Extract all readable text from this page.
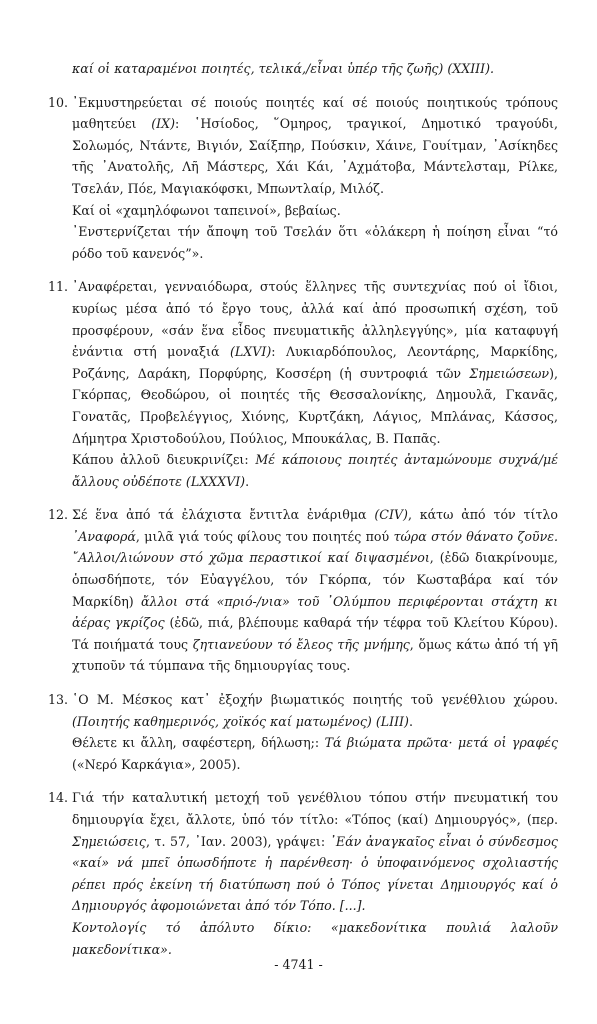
καί οἱ καταραμένοι ποιητές, τελικά,/εἶναι ὑπέρ τῆς ζωῆς) (XXIII).

10. ᾿Εκμυστηρεύεται σέ ποιούς ποιητές καί σέ ποιούς ποιητικούς τρόπους μαθητεύει (IX): ῾Ησίοδος, ῞Ομηρος, τραγικοί, Δημοτικό τραγούδι, Σολωμός, Ντάντε, Βιγιόν, Σαίξπηρ, Πούσκιν, Χάινε, Γουίτμαν, ᾿Ασίκηδες τῆς ᾿Ανατολῆς, Λῆ Μάστερς, Χάι Κάι, ᾿Αχμάτοβα, Μάντελσταμ, Ρίλκε, Τσελάν, Πόε, Μαγιακόφσκι, Μπωντλαίρ, Μιλόζ.

Καί οἱ «χαμηλόφωνοι ταπεινοί», βεβαίως.

᾿Ενστερνίζεται τήν ἄποψη τοῦ Τσελάν ὅτι «ὁλάκερη ἡ ποίηση εἶναι “τό ρόδο τοῦ κανενός”».

11. ᾿Αναφέρεται, γενναιόδωρα, στούς ἕλληνες τῆς συντεχνίας πού οἱ ἴδιοι, κυρίως μέσα ἀπό τό ἔργο τους, ἀλλά καί ἀπό προσωπική σχέση, τοῦ προσφέρουν, «σάν ἕνα εἶδος πνευματικῆς ἀλληλεγγύης», μία καταφυγή ἐνάντια στή μοναξιά (LXVI): Λυκιαρδόπουλος, Λεοντάρης, Μαρκίδης, Ροζάνης, Δαράκη, Πορφύρης, Κοσσέρη (ἡ συντροφιά τῶν Σημειώσεων), Γκόρπας, Θεοδώρου, οἱ ποιητές τῆς Θεσσαλονίκης, Δημουλᾶ, Γκανᾶς, Γονατᾶς, Προβελέγγιος, Χιόνης, Κυρτζάκη, Λάγιος, Μπλάνας, Κάσσος, Δήμητρα Χριστοδούλου, Πούλιος, Μπουκάλας, Β. Παπᾶς.

Κάπου ἀλλοῦ διευκρινίζει: Μέ κάποιους ποιητές ἀνταμώνουμε συχνά/μέ ἄλλους οὐδέποτε (LXXXVI).

12. Σέ ἕνα ἀπό τά ἐλάχιστα ἔντιτλα ἐνάριθμα (CIV), κάτω ἀπό τόν τίτλο ᾿Αναφορά, μιλᾶ γιά τούς φίλους του ποιητές πού τώρα στόν θάνατο ζοῦνε. ῎Αλλοι/λιώνουν στό χῶμα περαστικοί καί διψασμένοι, (ἐδῶ διακρίνουμε, ὁπωσδήποτε, τόν Εὐαγγέλου, τόν Γκόρπα, τόν Κωσταβάρα καί τόν Μαρκίδη) ἄλλοι στά «πριό-/νια» τοῦ ᾿Ολύμπου περιφέρονται στάχτη κι ἀέρας γκρίζος (ἐδῶ, πιά, βλέπουμε καθαρά τήν τέφρα τοῦ Κλείτου Κύρου). Τά ποιήματά τους ζητιανεύουν τό ἔλεος τῆς μνήμης, ὅμως κάτω ἀπό τή γῆ χτυποῦν τά τύμπανα τῆς δημιουργίας τους.

13. ῾Ο Μ. Μέσκος κατ᾿ ἐξοχήν βιωματικός ποιητής τοῦ γενέθλιου χώρου. (Ποιητής καθημερινός, χοϊκός καί ματωμένος) (LIII).

Θέλετε κι ἄλλη, σαφέστερη, δήλωση;: Τά βιώματα πρῶτα· μετά οἱ γραφές («Νερό Καρκάγια», 2005).

14. Γιά τήν καταλυτική μετοχή τοῦ γενέθλιου τόπου στήν πνευματική του δημιουργία ἔχει, ἄλλοτε, ὑπό τόν τίτλο: «Τόπος (καί) Δημιουργός», (περ. Σημειώσεις, τ. 57, ᾿Ιαν. 2003), γράψει: ᾿Εάν ἀναγκαῖος εἶναι ὁ σύνδεσμος «καί» νά μπεῖ ὁπωσδήποτε ἡ παρένθεση· ὁ ὑποφαινόμενος σχολιαστής ρέπει πρός ἐκείνη τή διατύπωση πού ὁ Τόπος γίνεται Δημιουργός καί ὁ Δημιουργός ἀφομοιώνεται ἀπό τόν Τόπο. [...].

Κοντολογίς τό ἀπόλυτο δίκιο: «μακεδονίτικα πουλιά λαλοῦν μακεδονίτικα».

- 4741 -
